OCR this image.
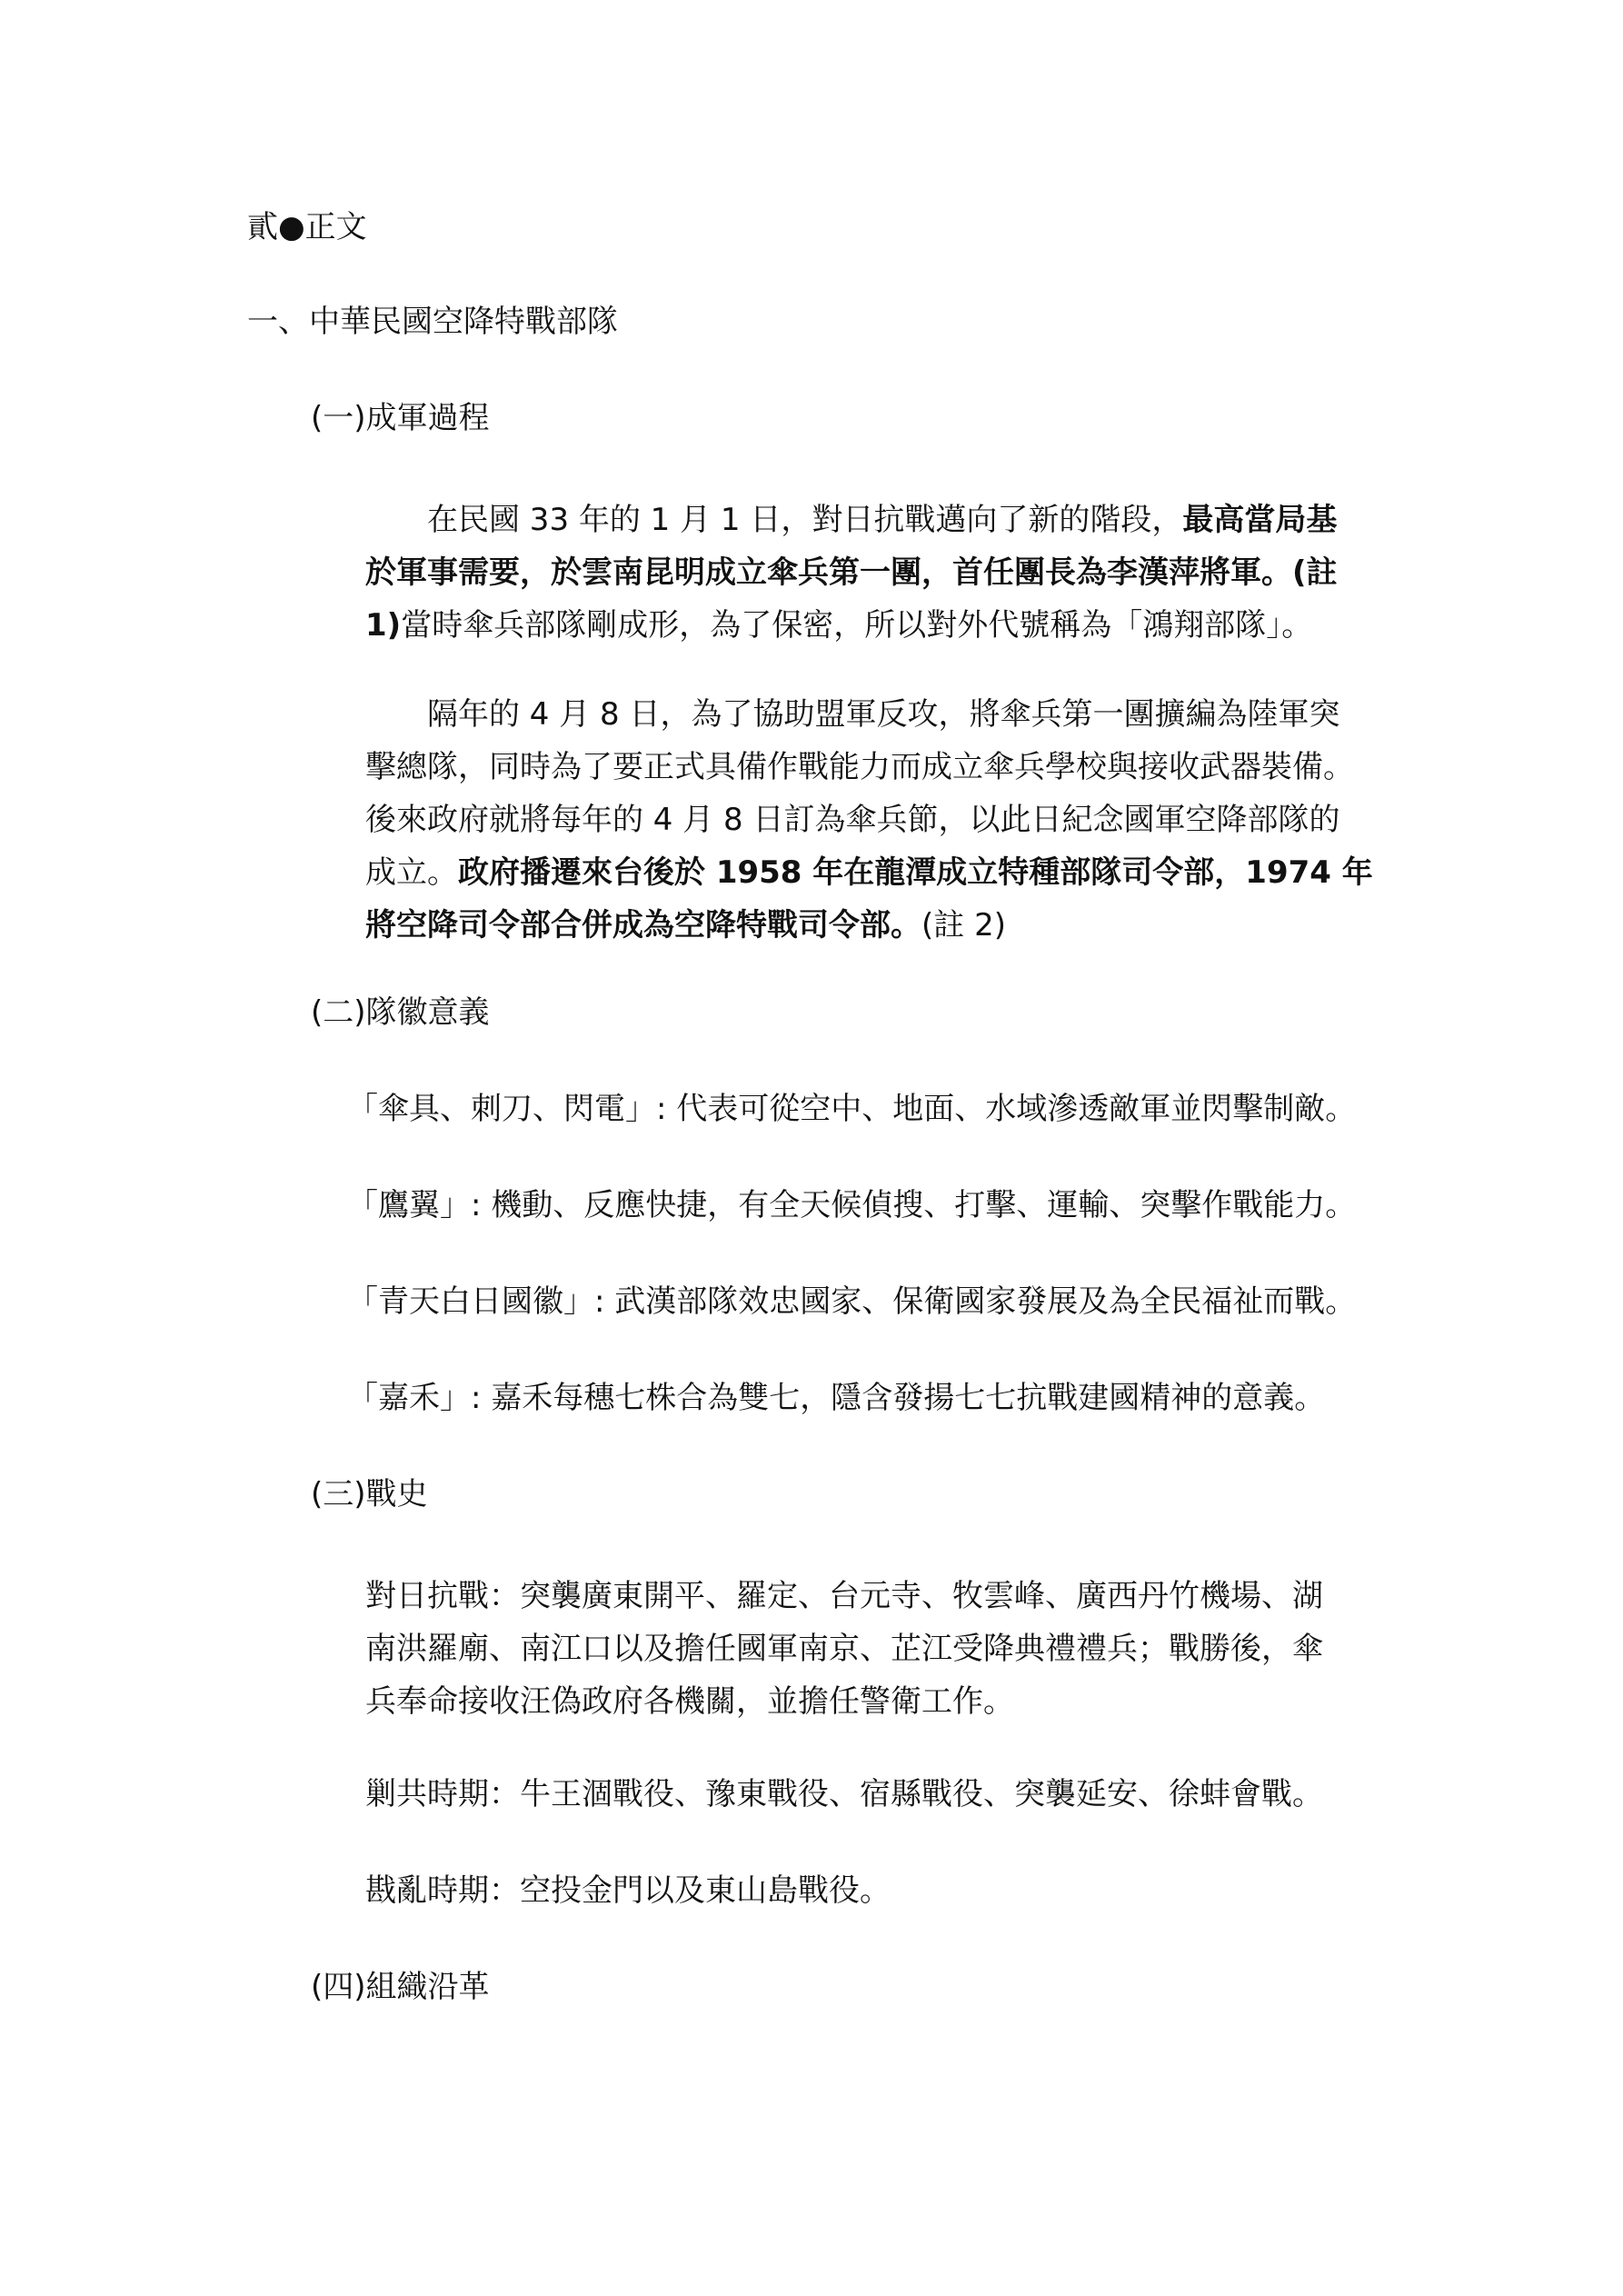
貳●正文

一、中華民國空降特戰部隊

(一)成軍過程

在民國 33 年的 1 月 1 日，對日抗戰邁向了新的階段，最高當局基
於軍事需要，於雲南昆明成立傘兵第一團，首任團長為李漢萍將軍。(註
1)當時傘兵部隊剛成形，為了保密，所以對外代號稱為「鴻翔部隊」。
隔年的 4 月 8 日，為了協助盟軍反攻，將傘兵第一團擴編為陸軍突
擊總隊，同時為了要正式具備作戰能力而成立傘兵學校與接收武器裝備。
後來政府就將每年的 4 月 8 日訂為傘兵節，以此日紀念國軍空降部隊的
成立。政府播遷來台後於 1958 年在龍潭成立特種部隊司令部，1974 年
將空降司令部合併成為空降特戰司令部。(註 2)

(二)隊徽意義

「傘具、刺刀、閃電」: 代表可從空中、地面、水域滲透敵軍並閃擊制敵。

「鷹翼」: 機動、反應快捷，有全天候偵搜、打擊、運輸、突擊作戰能力。

「青天白日國徽」: 武漢部隊效忠國家、保衛國家發展及為全民福祉而戰。

「嘉禾」: 嘉禾每穗七株合為雙七，隱含發揚七七抗戰建國精神的意義。

(三)戰史

對日抗戰：突襲廣東開平、羅定、台元寺、牧雲峰、廣西丹竹機場、湖
南洪羅廟、南江口以及擔任國軍南京、芷江受降典禮禮兵；戰勝後，傘
兵奉命接收汪偽政府各機關，並擔任警衛工作。

剿共時期：牛王涸戰役、豫東戰役、宿縣戰役、突襲延安、徐蚌會戰。

戡亂時期：空投金門以及東山島戰役。

(四)組織沿革
